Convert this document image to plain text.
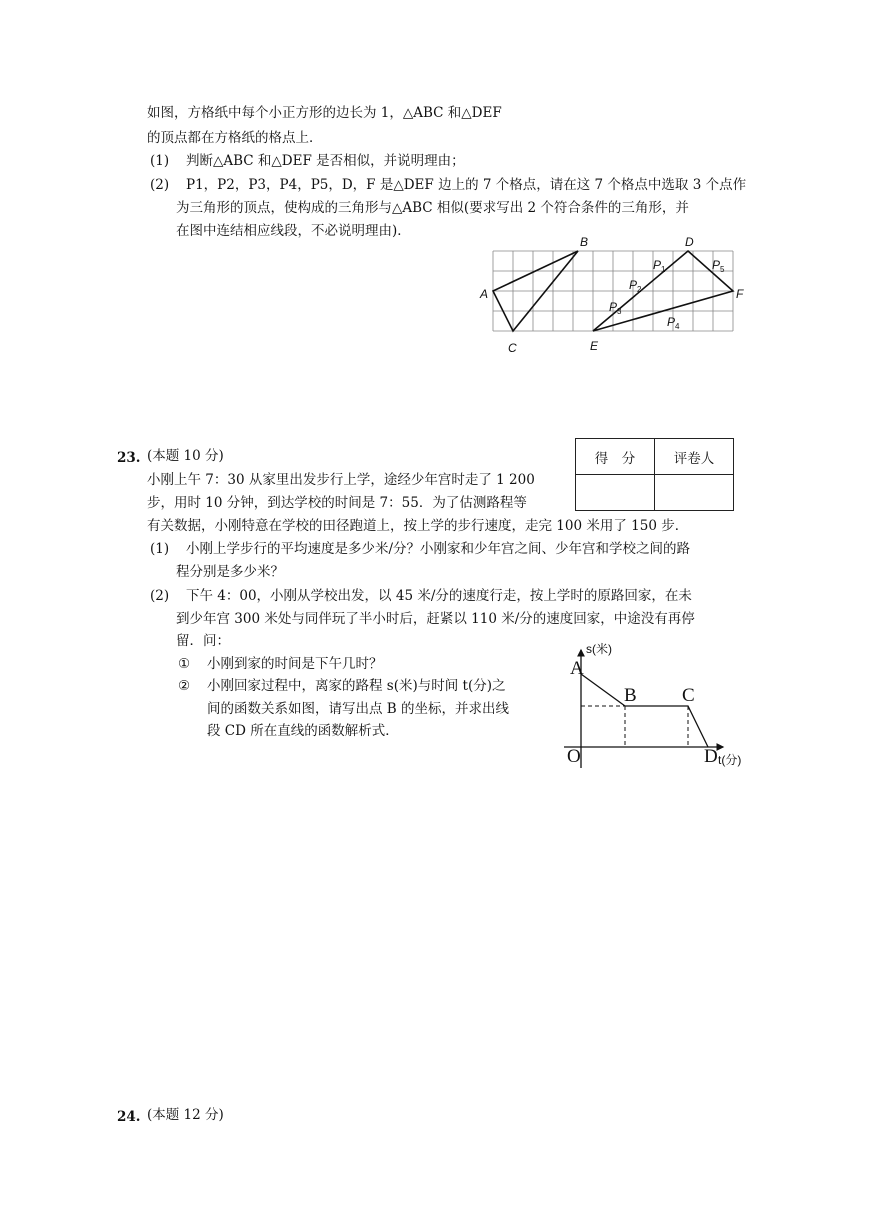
如图，方格纸中每个小正方形的边长为 1，△ABC 和△DEF
的顶点都在方格纸的格点上．
(1) 判断△ABC 和△DEF 是否相似，并说明理由；
(2) P1，P2，P3，P4，P5，D，F 是△DEF 边上的 7 个格点，请在这 7 个格点中选取 3 个点作
为三角形的顶点，使构成的三角形与△ABC 相似(要求写出 2 个符合条件的三角形，并
在图中连结相应线段，不必说明理由)．
A
B
C
D
E
F
$P_1$	$P_5$
$P_2$
$P_3$
$P_4$
23. (本题 10 分)	得　分	评卷人

小刚上午 7：30 从家里出发步行上学，途经少年宫时走了 1 200
步，用时 10 分钟，到达学校的时间是 7：55．为了估测路程等
有关数据，小刚特意在学校的田径跑道上，按上学的步行速度，走完 100 米用了 150 步．
(1) 小刚上学步行的平均速度是多少米/分？小刚家和少年宫之间、少年宫和学校之间的路
程分别是多少米？
(2) 下午 4：00，小刚从学校出发，以 45 米/分的速度行走，按上学时的原路回家，在未
到少年宫 300 米处与同伴玩了半小时后，赶紧以 110 米/分的速度回家，中途没有再停
留．问：
① 小刚到家的时间是下午几时？
② 小刚回家过程中，离家的路程 s(米)与时间 t(分)之
间的函数关系如图，请写出点 B 的坐标，并求出线
段 CD 所在直线的函数解析式．
s(米)
t(分)
A
B C
D
O
24. (本题 12 分)
